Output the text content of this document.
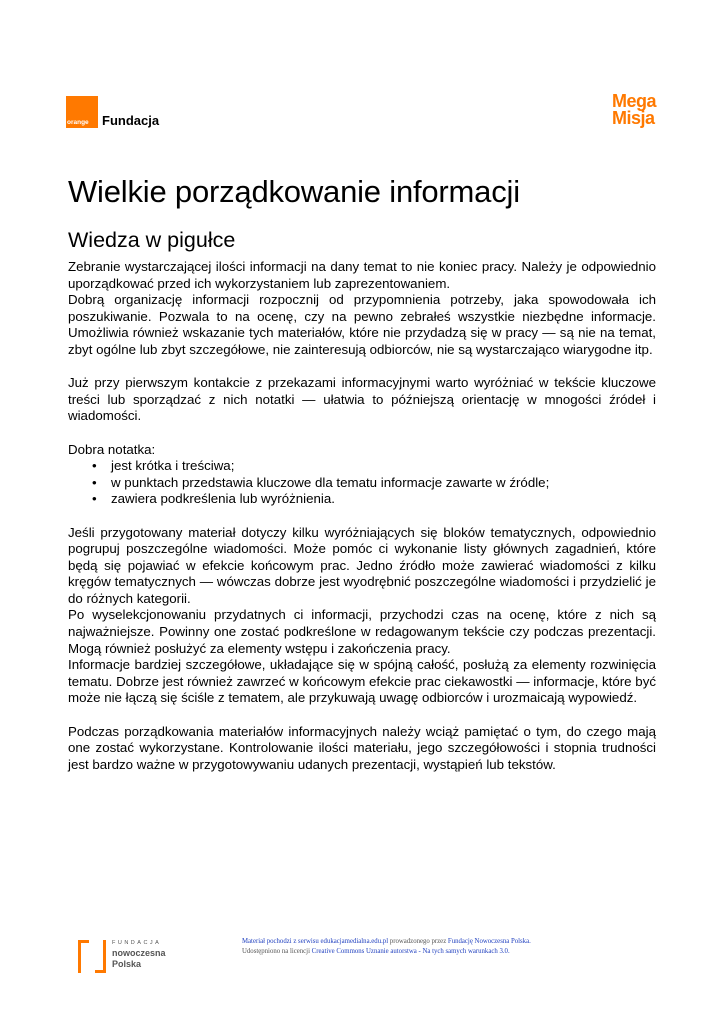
orange Fundacja
Mega
Misja
Wielkie porządkowanie informacji
Wiedza w pigułce

Zebranie wystarczającej ilości informacji na dany temat to nie koniec pracy. Należy je odpowiednio uporządkować przed ich wykorzystaniem lub zaprezentowaniem.

Dobrą organizację informacji rozpocznij od przypomnienia potrzeby, jaka spowodowała ich poszukiwanie. Pozwala to na ocenę, czy na pewno zebrałeś wszystkie niezbędne informacje. Umożliwia również wskazanie tych materiałów, które nie przydadzą się w pracy — są nie na temat, zbyt ogólne lub zbyt szczegółowe, nie zainteresują odbiorców, nie są wystarczająco wiarygodne itp.

Już przy pierwszym kontakcie z przekazami informacyjnymi warto wyróżniać w tekście kluczowe treści lub sporządzać z nich notatki — ułatwia to późniejszą orientację w mnogości źródeł i wiadomości.

Dobra notatka:

• jest krótka i treściwa;
• w punktach przedstawia kluczowe dla tematu informacje zawarte w źródle;
• zawiera podkreślenia lub wyróżnienia.

Jeśli przygotowany materiał dotyczy kilku wyróżniających się bloków tematycznych, odpowiednio pogrupuj poszczególne wiadomości. Może pomóc ci wykonanie listy głównych zagadnień, które będą się pojawiać w efekcie końcowym prac. Jedno źródło może zawierać wiadomości z kilku kręgów tematycznych — wówczas dobrze jest wyodrębnić poszczególne wiadomości i przydzielić je do różnych kategorii.

Po wyselekcjonowaniu przydatnych ci informacji, przychodzi czas na ocenę, które z nich są najważniejsze. Powinny one zostać podkreślone w redagowanym tekście czy podczas prezentacji. Mogą również posłużyć za elementy wstępu i zakończenia pracy.

Informacje bardziej szczegółowe, układające się w spójną całość, posłużą za elementy rozwinięcia tematu. Dobrze jest również zawrzeć w końcowym efekcie prac ciekawostki — informacje, które być może nie łączą się ściśle z tematem, ale przykuwają uwagę odbiorców i urozmaicają wypowiedź.

Podczas porządkowania materiałów informacyjnych należy wciąż pamiętać o tym, do czego mają one zostać wykorzystane. Kontrolowanie ilości materiału, jego szczegółowości i stopnia trudności jest bardzo ważne w przygotowywaniu udanych prezentacji, wystąpień lub tekstów.

FUNDACJA
nowoczesna
Polska
Materiał pochodzi z serwisu edukacjamedialna.edu.pl prowadzonego przez Fundację Nowoczesna Polska.
Udostępniono na licencji Creative Commons Uznanie autorstwa - Na tych samych warunkach 3.0.
